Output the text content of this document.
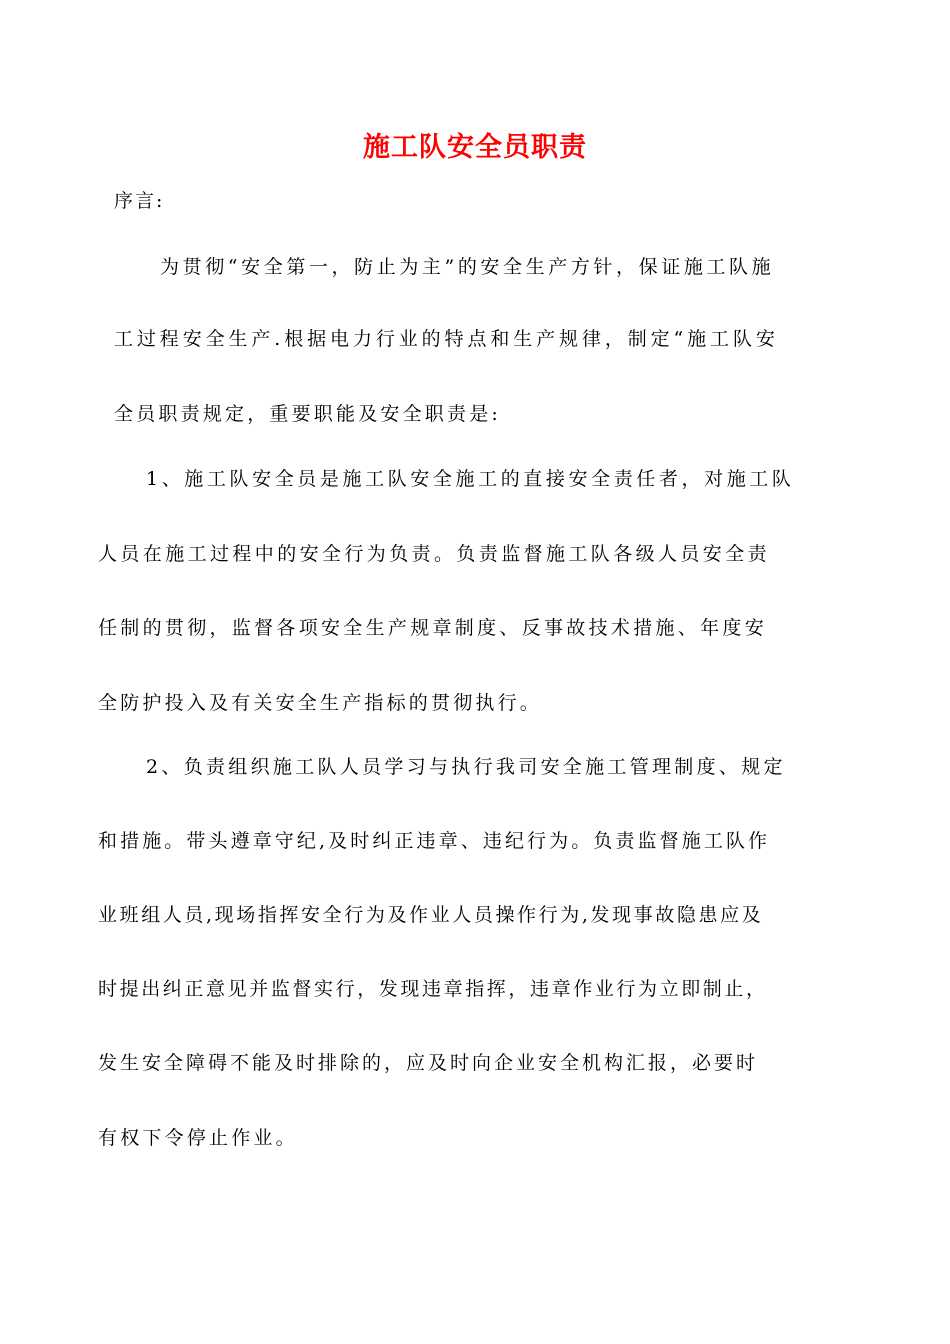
施工队安全员职责
序言:
为贯彻“安全第一，防止为主”的安全生产方针，保证施工队施
工过程安全生产.根据电力行业的特点和生产规律，制定“施工队安
全员职责规定，重要职能及安全职责是:
1、施工队安全员是施工队安全施工的直接安全责任者，对施工队
人员在施工过程中的安全行为负责。负责监督施工队各级人员安全责
任制的贯彻，监督各项安全生产规章制度、反事故技术措施、年度安
全防护投入及有关安全生产指标的贯彻执行。
2、负责组织施工队人员学习与执行我司安全施工管理制度、规定
和措施。带头遵章守纪,及时纠正违章、违纪行为。负责监督施工队作
业班组人员,现场指挥安全行为及作业人员操作行为,发现事故隐患应及
时提出纠正意见并监督实行，发现违章指挥，违章作业行为立即制止，
发生安全障碍不能及时排除的，应及时向企业安全机构汇报，必要时
有权下令停止作业。
